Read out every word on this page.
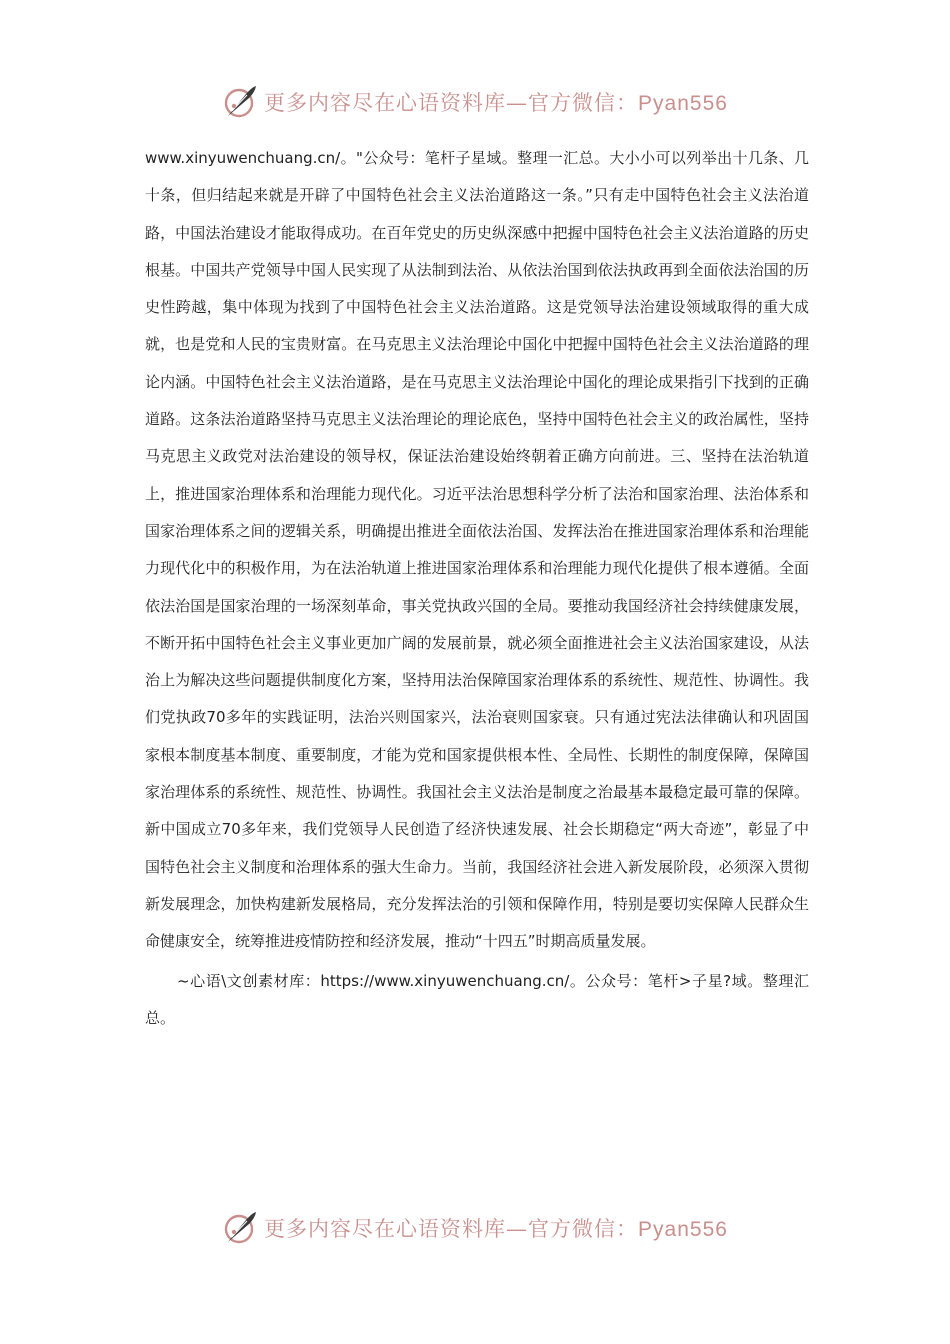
更多内容尽在心语资料库—官方微信：Pyan556

www.xinyuwenchuang.cn/。"公众号：笔杆子星域。整理一汇总。大小小可以列举出十几条、几十条，但归结起来就是开辟了中国特色社会主义法治道路这一条。”只有走中国特色社会主义法治道路，中国法治建设才能取得成功。在百年党史的历史纵深感中把握中国特色社会主义法治道路的历史根基。中国共产党领导中国人民实现了从法制到法治、从依法治国到依法执政再到全面依法治国的历史性跨越，集中体现为找到了中国特色社会主义法治道路。这是党领导法治建设领域取得的重大成就，也是党和人民的宝贵财富。在马克思主义法治理论中国化中把握中国特色社会主义法治道路的理论内涵。中国特色社会主义法治道路，是在马克思主义法治理论中国化的理论成果指引下找到的正确道路。这条法治道路坚持马克思主义法治理论的理论底色，坚持中国特色社会主义的政治属性，坚持马克思主义政党对法治建设的领导权，保证法治建设始终朝着正确方向前进。三、坚持在法治轨道上，推进国家治理体系和治理能力现代化。习近平法治思想科学分析了法治和国家治理、法治体系和国家治理体系之间的逻辑关系，明确提出推进全面依法治国、发挥法治在推进国家治理体系和治理能力现代化中的积极作用，为在法治轨道上推进国家治理体系和治理能力现代化提供了根本遵循。全面依法治国是国家治理的一场深刻革命，事关党执政兴国的全局。要推动我国经济社会持续健康发展，不断开拓中国特色社会主义事业更加广阔的发展前景，就必须全面推进社会主义法治国家建设，从法治上为解决这些问题提供制度化方案，坚持用法治保障国家治理体系的系统性、规范性、协调性。我们党执政70多年的实践证明，法治兴则国家兴，法治衰则国家衰。只有通过宪法法律确认和巩固国家根本制度基本制度、重要制度，才能为党和国家提供根本性、全局性、长期性的制度保障，保障国家治理体系的系统性、规范性、协调性。我国社会主义法治是制度之治最基本最稳定最可靠的保障。新中国成立70多年来，我们党领导人民创造了经济快速发展、社会长期稳定“两大奇迹”，彰显了中国特色社会主义制度和治理体系的强大生命力。当前，我国经济社会进入新发展阶段，必须深入贯彻新发展理念，加快构建新发展格局，充分发挥法治的引领和保障作用，特别是要切实保障人民群众生命健康安全，统筹推进疫情防控和经济发展，推动“十四五”时期高质量发展。

~心语\文创素材库：https://www.xinyuwenchuang.cn/。公众号：笔杆>子星?域。整理汇总。

更多内容尽在心语资料库—官方微信：Pyan556
